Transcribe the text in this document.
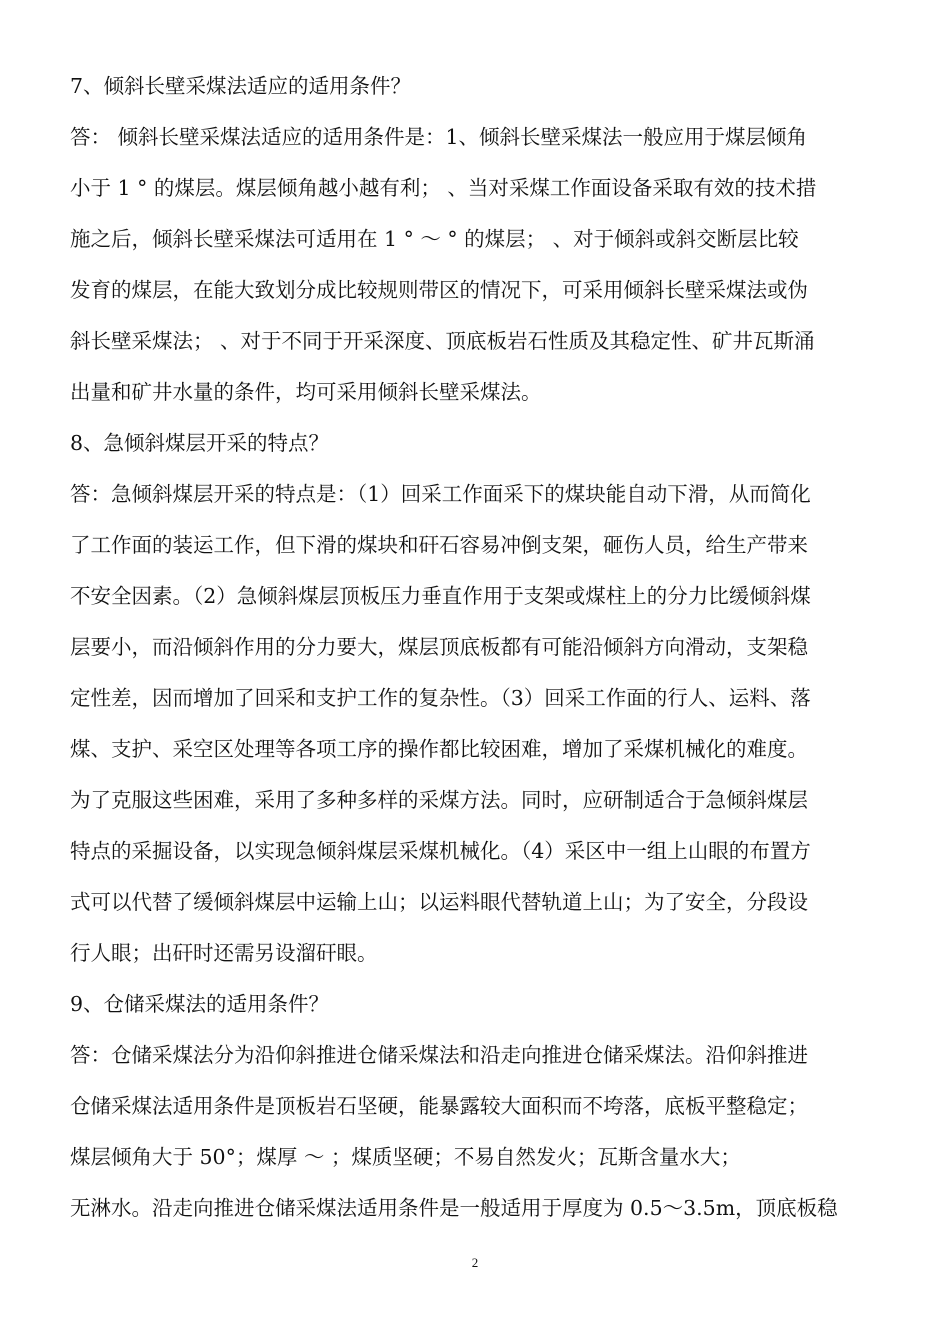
7、倾斜长壁采煤法适应的适用条件？
答： 倾斜长壁采煤法适应的适用条件是：1、倾斜长壁采煤法一般应用于煤层倾角
小于 1 ° 的煤层。煤层倾角越小越有利； 、当对采煤工作面设备采取有效的技术措
施之后，倾斜长壁采煤法可适用在 1 ° ～ ° 的煤层； 、对于倾斜或斜交断层比较
发育的煤层，在能大致划分成比较规则带区的情况下，可采用倾斜长壁采煤法或伪
斜长壁采煤法； 、对于不同于开采深度、顶底板岩石性质及其稳定性、矿井瓦斯涌
出量和矿井水量的条件，均可采用倾斜长壁采煤法。
8、急倾斜煤层开采的特点？
答：急倾斜煤层开采的特点是：（1）回采工作面采下的煤块能自动下滑，从而简化
了工作面的装运工作，但下滑的煤块和矸石容易冲倒支架，砸伤人员，给生产带来
不安全因素。（2）急倾斜煤层顶板压力垂直作用于支架或煤柱上的分力比缓倾斜煤
层要小，而沿倾斜作用的分力要大，煤层顶底板都有可能沿倾斜方向滑动，支架稳
定性差，因而增加了回采和支护工作的复杂性。（3）回采工作面的行人、运料、落
煤、支护、采空区处理等各项工序的操作都比较困难，增加了采煤机械化的难度。
为了克服这些困难，采用了多种多样的采煤方法。同时，应研制适合于急倾斜煤层
特点的采掘设备，以实现急倾斜煤层采煤机械化。（4）采区中一组上山眼的布置方
式可以代替了缓倾斜煤层中运输上山；以运料眼代替轨道上山；为了安全，分段设
行人眼；出矸时还需另设溜矸眼。
9、仓储采煤法的适用条件？
答：仓储采煤法分为沿仰斜推进仓储采煤法和沿走向推进仓储采煤法。沿仰斜推进
仓储采煤法适用条件是顶板岩石坚硬，能暴露较大面积而不垮落，底板平整稳定；
煤层倾角大于 50°；煤厚 ～ ；煤质坚硬；不易自然发火；瓦斯含量水大；
无淋水。沿走向推进仓储采煤法适用条件是一般适用于厚度为 0.5～3.5m，顶底板稳
2
